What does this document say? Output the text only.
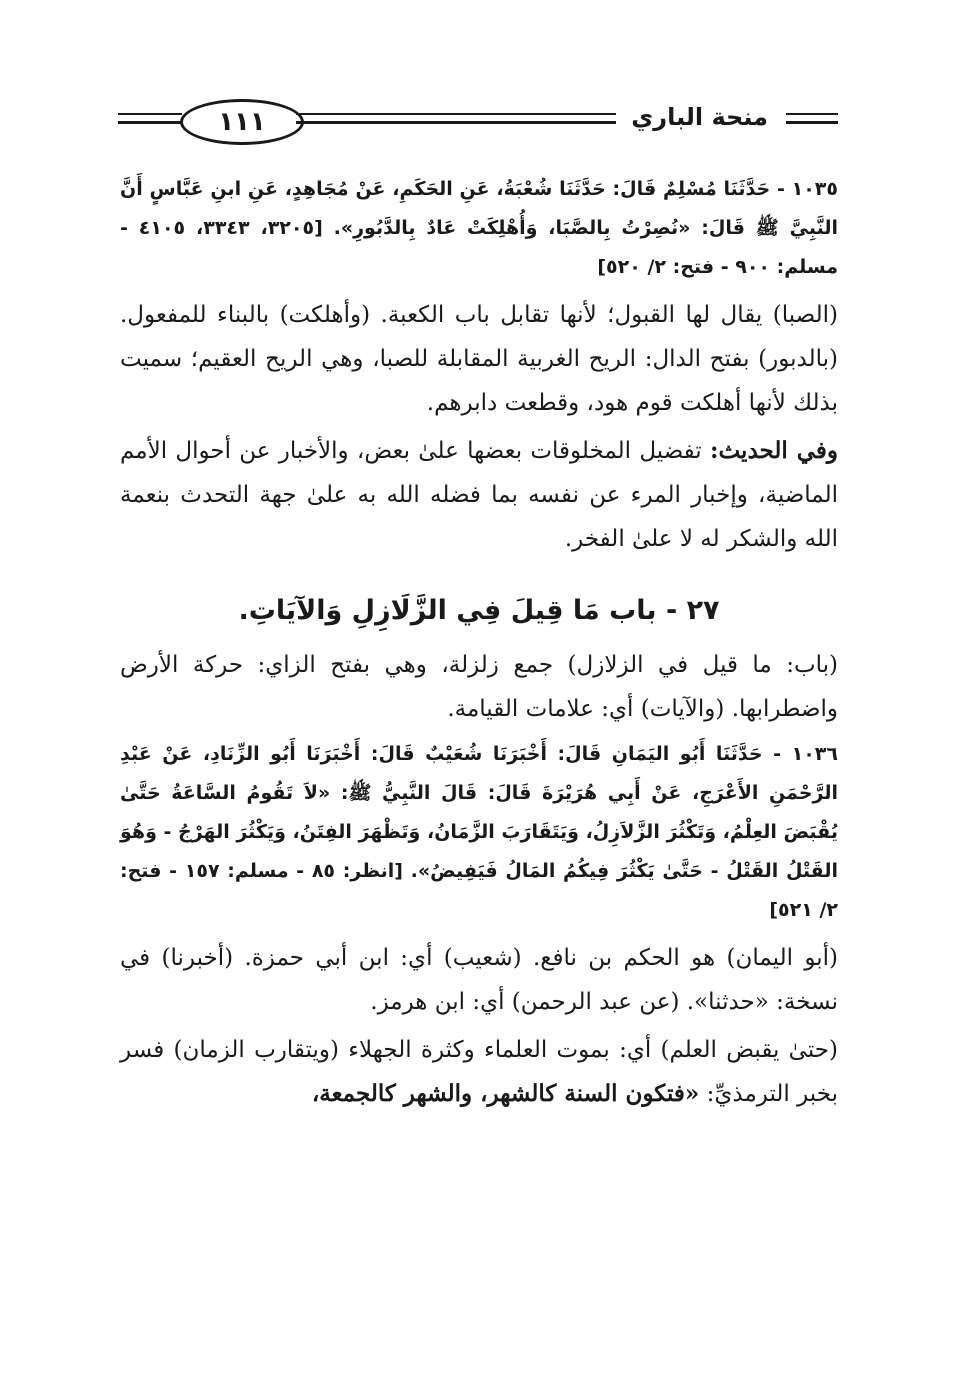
١١١	منحة الباري

١٠٣٥ - حَدَّثَنَا مُسْلِمٌ قَالَ: حَدَّثَنَا شُعْبَةُ، عَنِ الحَكَمِ، عَنْ مُجَاهِدٍ، عَنِ ابنِ عَبَّاسٍ أَنَّ النَّبِيَّ ﷺ قَالَ: «نُصِرْتُ بِالصَّبَا، وَأُهْلِكَتْ عَادٌ بِالدَّبُورِ». [٣٢٠٥، ٣٣٤٣، ٤١٠٥ - مسلم: ٩٠٠ - فتح: ٢/ ٥٢٠]

(الصبا) يقال لها القبول؛ لأنها تقابل باب الكعبة. (وأهلكت) بالبناء للمفعول. (بالدبور) بفتح الدال: الريح الغربية المقابلة للصبا، وهي الريح العقيم؛ سميت بذلك لأنها أهلكت قوم هود، وقطعت دابرهم.

وفي الحديث: تفضيل المخلوقات بعضها علىٰ بعض، والأخبار عن أحوال الأمم الماضية، وإخبار المرء عن نفسه بما فضله الله به علىٰ جهة التحدث بنعمة الله والشكر له لا علىٰ الفخر.

٢٧ - باب مَا قِيلَ فِي الزَّلَازِلِ وَالآيَاتِ.

(باب: ما قيل في الزلازل) جمع زلزلة، وهي بفتح الزاي: حركة الأرض واضطرابها. (والآيات) أي: علامات القيامة.

١٠٣٦ - حَدَّثَنَا أَبُو اليَمَانِ قَالَ: أَخْبَرَنَا شُعَيْبٌ قَالَ: أَخْبَرَنَا أَبُو الزِّنَادِ، عَنْ عَبْدِ الرَّحْمَنِ الأَعْرَجِ، عَنْ أَبِي هُرَيْرَةَ قَالَ: قَالَ النَّبِيُّ ﷺ: «لاَ تَقُومُ السَّاعَةُ حَتَّىٰ يُقْبَضَ العِلْمُ، وَتَكْثُرَ الزَّلاَزِلُ، وَيَتَقَارَبَ الزَّمَانُ، وَتَظْهَرَ الفِتَنُ، وَيَكْثُرَ الهَرْجُ - وَهُوَ القَتْلُ القَتْلُ - حَتَّىٰ يَكْثُرَ فِيكُمُ المَالُ فَيَفِيضُ». [انظر: ٨٥ - مسلم: ١٥٧ - فتح: ٢/ ٥٢١]

(أبو اليمان) هو الحكم بن نافع. (شعيب) أي: ابن أبي حمزة. (أخبرنا) في نسخة: «حدثنا». (عن عبد الرحمن) أي: ابن هرمز.

(حتىٰ يقبض العلم) أي: بموت العلماء وكثرة الجهلاء (ويتقارب الزمان) فسر بخبر الترمذيِّ: «فتكون السنة كالشهر، والشهر كالجمعة،
